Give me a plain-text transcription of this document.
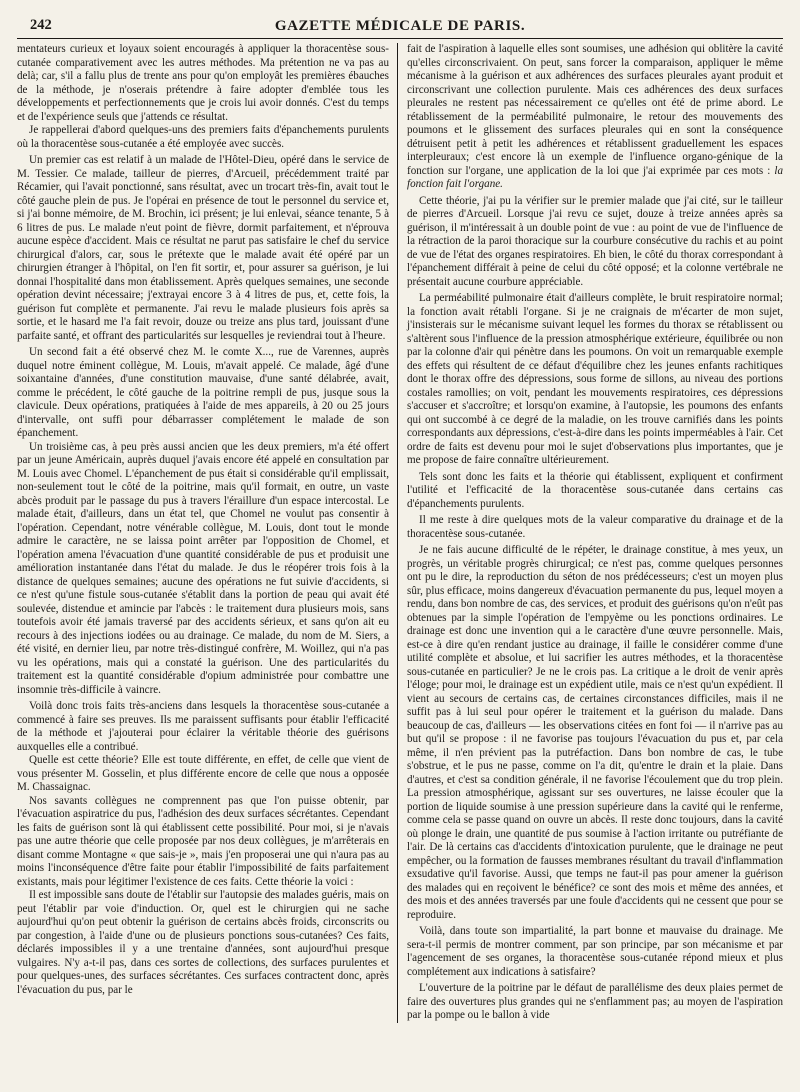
242	GAZETTE MÉDICALE DE PARIS.

mentateurs curieux et loyaux soient encouragés à appliquer la thoracentèse sous-cutanée comparativement avec les autres méthodes. Ma prétention ne va pas au delà; car, s'il a fallu plus de trente ans pour qu'on employât les premières ébauches de la méthode, je n'oserais prétendre à faire adopter d'emblée tous les développements et perfectionnements que je crois lui avoir donnés. C'est du temps et de l'expérience seuls que j'attends ce résultat.

Je rappellerai d'abord quelques-uns des premiers faits d'épanchements purulents où la thoracentèse sous-cutanée a été employée avec succès.

Un premier cas est relatif à un malade de l'Hôtel-Dieu, opéré dans le service de M. Tessier. Ce malade, tailleur de pierres, d'Arcueil, précédemment traité par Récamier, qui l'avait ponctionné, sans résultat, avec un trocart très-fin, avait tout le côté gauche plein de pus. Je l'opérai en présence de tout le personnel du service et, si j'ai bonne mémoire, de M. Brochin, ici présent; je lui enlevai, séance tenante, 5 à 6 litres de pus. Le malade n'eut point de fièvre, dormit parfaitement, et n'éprouva aucune espèce d'accident. Mais ce résultat ne parut pas satisfaire le chef du service chirurgical d'alors, car, sous le prétexte que le malade avait été opéré par un chirurgien étranger à l'hôpital, on l'en fit sortir, et, pour assurer sa guérison, je lui donnai l'hospitalité dans mon établissement. Après quelques semaines, une seconde opération devint nécessaire; j'extrayai encore 3 à 4 litres de pus, et, cette fois, la guérison fut complète et permanente. J'ai revu le malade plusieurs fois après sa sortie, et le hasard me l'a fait revoir, douze ou treize ans plus tard, jouissant d'une parfaite santé, et offrant des particularités sur lesquelles je reviendrai tout à l'heure.

Un second fait a été observé chez M. le comte X..., rue de Varennes, auprès duquel notre éminent collègue, M. Louis, m'avait appelé. Ce malade, âgé d'une soixantaine d'années, d'une constitution mauvaise, d'une santé délabrée, avait, comme le précédent, le côté gauche de la poitrine rempli de pus, jusque sous la clavicule. Deux opérations, pratiquées à l'aide de mes appareils, à 20 ou 25 jours d'intervalle, ont suffi pour débarrasser complétement le malade de son épanchement.

Un troisième cas, à peu près aussi ancien que les deux premiers, m'a été offert par un jeune Américain, auprès duquel j'avais encore été appelé en consultation par M. Louis avec Chomel. L'épanchement de pus était si considérable qu'il emplissait, non-seulement tout le côté de la poitrine, mais qu'il formait, en outre, un vaste abcès produit par le passage du pus à travers l'éraillure d'un espace intercostal. Le malade était, d'ailleurs, dans un état tel, que Chomel ne voulut pas consentir à l'opération. Cependant, notre vénérable collègue, M. Louis, dont tout le monde admire le caractère, ne se laissa point arrêter par l'opposition de Chomel, et l'opération amena l'évacuation d'une quantité considérable de pus et produisit une amélioration instantanée dans l'état du malade. Je dus le réopérer trois fois à la distance de quelques semaines; aucune des opérations ne fut suivie d'accidents, si ce n'est qu'une fistule sous-cutanée s'établit dans la portion de peau qui avait été soulevée, distendue et amincie par l'abcès : le traitement dura plusieurs mois, sans toutefois avoir été jamais traversé par des accidents sérieux, et sans qu'on ait eu recours à des injections iodées ou au drainage. Ce malade, du nom de M. Siers, a été visité, en dernier lieu, par notre très-distingué confrère, M. Woillez, qui n'a pas vu les opérations, mais qui a constaté la guérison. Une des particularités du traitement est la quantité considérable d'opium administrée pour combattre une insomnie très-difficile à vaincre.

Voilà donc trois faits très-anciens dans lesquels la thoracentèse sous-cutanée a commencé à faire ses preuves. Ils me paraissent suffisants pour établir l'efficacité de la méthode et j'ajouterai pour éclairer la véritable théorie des guérisons auxquelles elle a contribué.

Quelle est cette théorie? Elle est toute différente, en effet, de celle que vient de vous présenter M. Gosselin, et plus différente encore de celle que nous a opposée M. Chassaignac.

Nos savants collègues ne comprennent pas que l'on puisse obtenir, par l'évacuation aspiratrice du pus, l'adhésion des deux surfaces sécrétantes. Cependant les faits de guérison sont là qui établissent cette possibilité. Pour moi, si je n'avais pas une autre théorie que celle proposée par nos deux collègues, je m'arrêterais en disant comme Montagne « que sais-je », mais j'en proposerai une qui n'aura pas au moins l'inconséquence d'être faite pour établir l'impossibilité de faits parfaitement existants, mais pour légitimer l'existence de ces faits. Cette théorie la voici :

Il est impossible sans doute de l'établir sur l'autopsie des malades guéris, mais on peut l'établir par voie d'induction. Or, quel est le chirurgien qui ne sache aujourd'hui qu'on peut obtenir la guérison de certains abcès froids, circonscrits ou par congestion, à l'aide d'une ou de plusieurs ponctions sous-cutanées? Ces faits, déclarés impossibles il y a une trentaine d'années, sont aujourd'hui presque vulgaires. N'y a-t-il pas, dans ces sortes de collections, des surfaces purulentes et pour quelques-unes, des surfaces sécrétantes. Ces surfaces contractent donc, après l'évacuation du pus, par le

fait de l'aspiration à laquelle elles sont soumises, une adhésion qui oblitère la cavité qu'elles circonscrivaient. On peut, sans forcer la comparaison, appliquer le même mécanisme à la guérison et aux adhérences des surfaces pleurales ayant produit et circonscrivant une collection purulente. Mais ces adhérences des deux surfaces pleurales ne restent pas nécessairement ce qu'elles ont été de prime abord. Le rétablissement de la perméabilité pulmonaire, le retour des mouvements des poumons et le glissement des surfaces pleurales qui en sont la conséquence détruisent petit à petit les adhérences et rétablissent graduellement les espaces interpleuraux; c'est encore là un exemple de l'influence organo-génique de la fonction sur l'organe, une application de la loi que j'ai exprimée par ces mots : la fonction fait l'organe.

Cette théorie, j'ai pu la vérifier sur le premier malade que j'ai cité, sur le tailleur de pierres d'Arcueil. Lorsque j'ai revu ce sujet, douze à treize années après sa guérison, il m'intéressait à un double point de vue : au point de vue de l'influence de la rétraction de la paroi thoracique sur la courbure consécutive du rachis et au point de vue de l'état des organes respiratoires. Eh bien, le côté du thorax correspondant à l'épanchement différait à peine de celui du côté opposé; et la colonne vertébrale ne présentait aucune courbure appréciable.

La perméabilité pulmonaire était d'ailleurs complète, le bruit respiratoire normal; la fonction avait rétabli l'organe. Si je ne craignais de m'écarter de mon sujet, j'insisterais sur le mécanisme suivant lequel les formes du thorax se rétablissent ou s'altèrent sous l'influence de la pression atmosphérique extérieure, équilibrée ou non par la colonne d'air qui pénètre dans les poumons. On voit un remarquable exemple des effets qui résultent de ce défaut d'équilibre chez les jeunes enfants rachitiques dont le thorax offre des dépressions, sous forme de sillons, au niveau des portions costales ramollies; on voit, pendant les mouvements respiratoires, ces dépressions s'accuser et s'accroître; et lorsqu'on examine, à l'autopsie, les poumons des enfants qui ont succombé à ce degré de la maladie, on les trouve carnifiés dans les points correspondants aux dépressions, c'est-à-dire dans les points imperméables à l'air. Cet ordre de faits est devenu pour moi le sujet d'observations plus importantes, que je me propose de faire connaître ultérieurement.

Tels sont donc les faits et la théorie qui établissent, expliquent et confirment l'utilité et l'efficacité de la thoracentèse sous-cutanée dans certains cas d'épanchements purulents.

Il me reste à dire quelques mots de la valeur comparative du drainage et de la thoracentèse sous-cutanée.

Je ne fais aucune difficulté de le répéter, le drainage constitue, à mes yeux, un progrès, un véritable progrès chirurgical; ce n'est pas, comme quelques personnes ont pu le dire, la reproduction du séton de nos prédécesseurs; c'est un moyen plus sûr, plus efficace, moins dangereux d'évacuation permanente du pus, lequel moyen a rendu, dans bon nombre de cas, des services, et produit des guérisons qu'on n'eût pas obtenues par la simple l'opération de l'empyème ou les ponctions ordinaires. Le drainage est donc une invention qui a le caractère d'une œuvre personnelle. Mais, est-ce à dire qu'en rendant justice au drainage, il faille le considérer comme d'une utilité complète et absolue, et lui sacrifier les autres méthodes, et la thoracentèse sous-cutanée en particulier? Je ne le crois pas. La critique a le droit de venir après l'éloge; pour moi, le drainage est un expédient utile, mais ce n'est qu'un expédient. Il vient au secours de certains cas, de certaines circonstances difficiles, mais il ne suffit pas à lui seul pour opérer le traitement et la guérison du malade. Dans beaucoup de cas, d'ailleurs — les observations citées en font foi — il n'arrive pas au but qu'il se propose : il ne favorise pas toujours l'évacuation du pus et, par cela même, il n'en prévient pas la putréfaction. Dans bon nombre de cas, le tube s'obstrue, et le pus ne passe, comme on l'a dit, qu'entre le drain et la plaie. Dans d'autres, et c'est sa condition générale, il ne favorise l'écoulement que du trop plein. La pression atmosphérique, agissant sur ses ouvertures, ne laisse écouler que la portion de liquide soumise à une pression supérieure dans la cavité qui le renferme, comme cela se passe quand on ouvre un abcès. Il reste donc toujours, dans la cavité où plonge le drain, une quantité de pus soumise à l'action irritante ou putréfiante de l'air. De là certains cas d'accidents d'intoxication purulente, que le drainage ne peut empêcher, ou la formation de fausses membranes résultant du travail d'inflammation exsudative qu'il favorise. Aussi, que temps ne faut-il pas pour amener la guérison des malades qui en reçoivent le bénéfice? ce sont des mois et même des années, et des mois et des années traversés par une foule d'accidents qui ne cessent que pour se reproduire.

Voilà, dans toute son impartialité, la part bonne et mauvaise du drainage. Me sera-t-il permis de montrer comment, par son principe, par son mécanisme et par l'agencement de ses organes, la thoracentèse sous-cutanée répond mieux et plus complétement aux indications à satisfaire?

L'ouverture de la poitrine par le défaut de parallélisme des deux plaies permet de faire des ouvertures plus grandes qui ne s'enflamment pas; au moyen de l'aspiration par la pompe ou le ballon à vide
